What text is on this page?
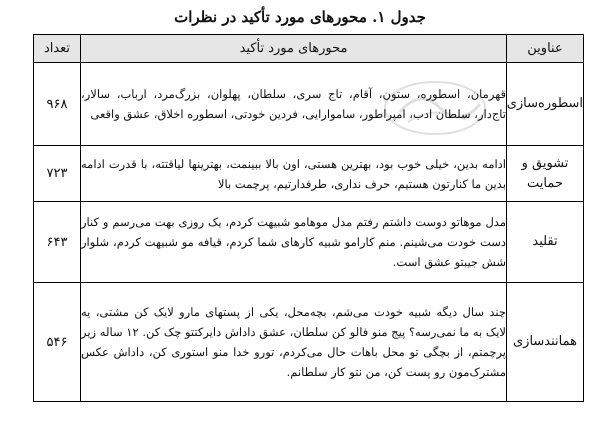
جدول ۱. محورهای مورد تأکید در نظرات
عناوین	محورهای مورد تأکید	تعداد
اسطوره‌سازی	قهرمان، اسطوره، ستون، آقام، تاج سری، سلطان، پهلوان، بزرگ‌مرد، ارباب، سالار، تاج‌دار، سلطان ادب، امپراطور، ساموارایی، فردین خودتی، اسطوره اخلاق، عشق واقعی	۹۶۸
تشویق و حمایت	ادامه بدین، خیلی خوب بود، بهترین هستی، اون بالا ببینمت، بهترینها لیاقتته، با قدرت ادامه بدین ما کنارتون هستیم، حرف نداری، طرفدارتیم، پرچمت بالا	۷۲۳
تقلید	مدل موهاتو دوست داشتم رفتم مدل موهامو شبیهت کردم، یک روزی بهت می‌رسم و کنار دست خودت می‌شینم. منم کارامو شبیه کارهای شما کردم، قیافه مو شبیهت کردم، شلوار شش جیبتو عشق است.	۶۴۳
همانندسازی	چند سال دیگه شبیه خودت می‌شم، بچه‌محل، یکی از پستهای مارو لایک کن مشتی، یه لایک به ما نمی‌رسه؟ پیج منو فالو کن سلطان، عشق داداش دایرکتتو چک کن. ۱۲ ساله زیر پرچمتم، از بچگی تو محل باهات حال می‌کردم، تورو خدا منو استوری کن، داداش عکس مشترک‌مون رو پست کن، من نتو کار سلطانم.	۵۴۶
